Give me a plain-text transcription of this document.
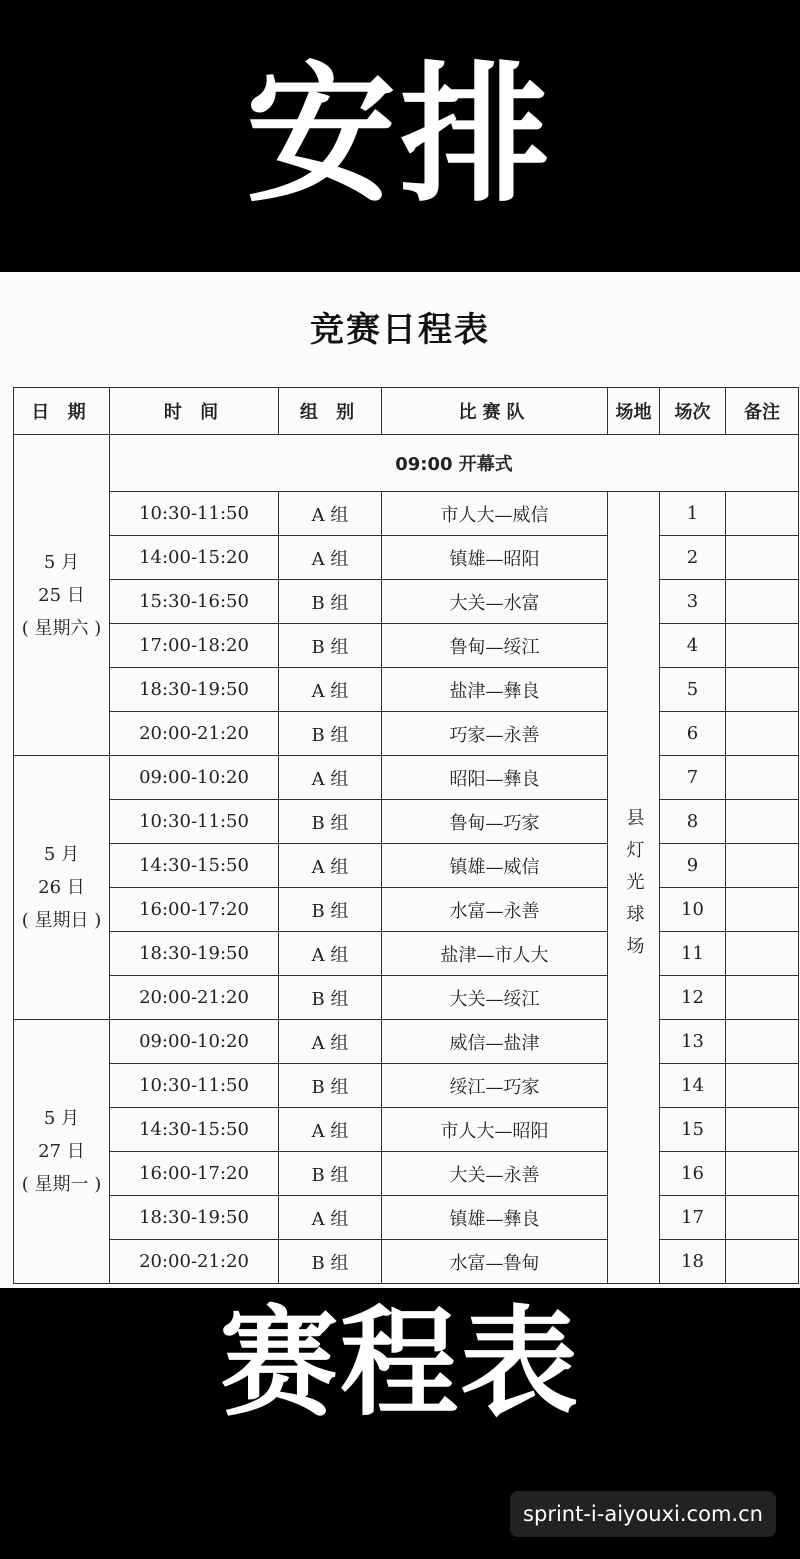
安排
竞赛日程表
日 期	时 间	组 别	比赛队	场地	场次	备注

5 月
25 日
( 星期六 )	09:00 开幕式					
	10:30-11:50	A 组	市人大—威信	县灯光球场	1	
	14:00-15:20	A 组	镇雄—昭阳		2	
	15:30-16:50	B 组	大关—水富		3	
	17:00-18:20	B 组	鲁甸—绥江		4	
	18:30-19:50	A 组	盐津—彝良		5	
	20:00-21:20	B 组	巧家—永善		6	

5 月
26 日
( 星期日 )	09:00-10:20	A 组	昭阳—彝良		7	
	10:30-11:50	B 组	鲁甸—巧家		8	
	14:30-15:50	A 组	镇雄—威信		9	
	16:00-17:20	B 组	水富—永善		10	
	18:30-19:50	A 组	盐津—市人大		11	
	20:00-21:20	B 组	大关—绥江		12	

5 月
27 日
( 星期一 )	09:00-10:20	A 组	威信—盐津		13	
	10:30-11:50	B 组	绥江—巧家		14	
	14:30-15:50	A 组	市人大—昭阳		15	
	16:00-17:20	B 组	大关—永善		16	
	18:30-19:50	A 组	镇雄—彝良		17	
	20:00-21:20	B 组	水富—鲁甸		18	
赛程表
sprint-i-aiyouxi.com.cn
